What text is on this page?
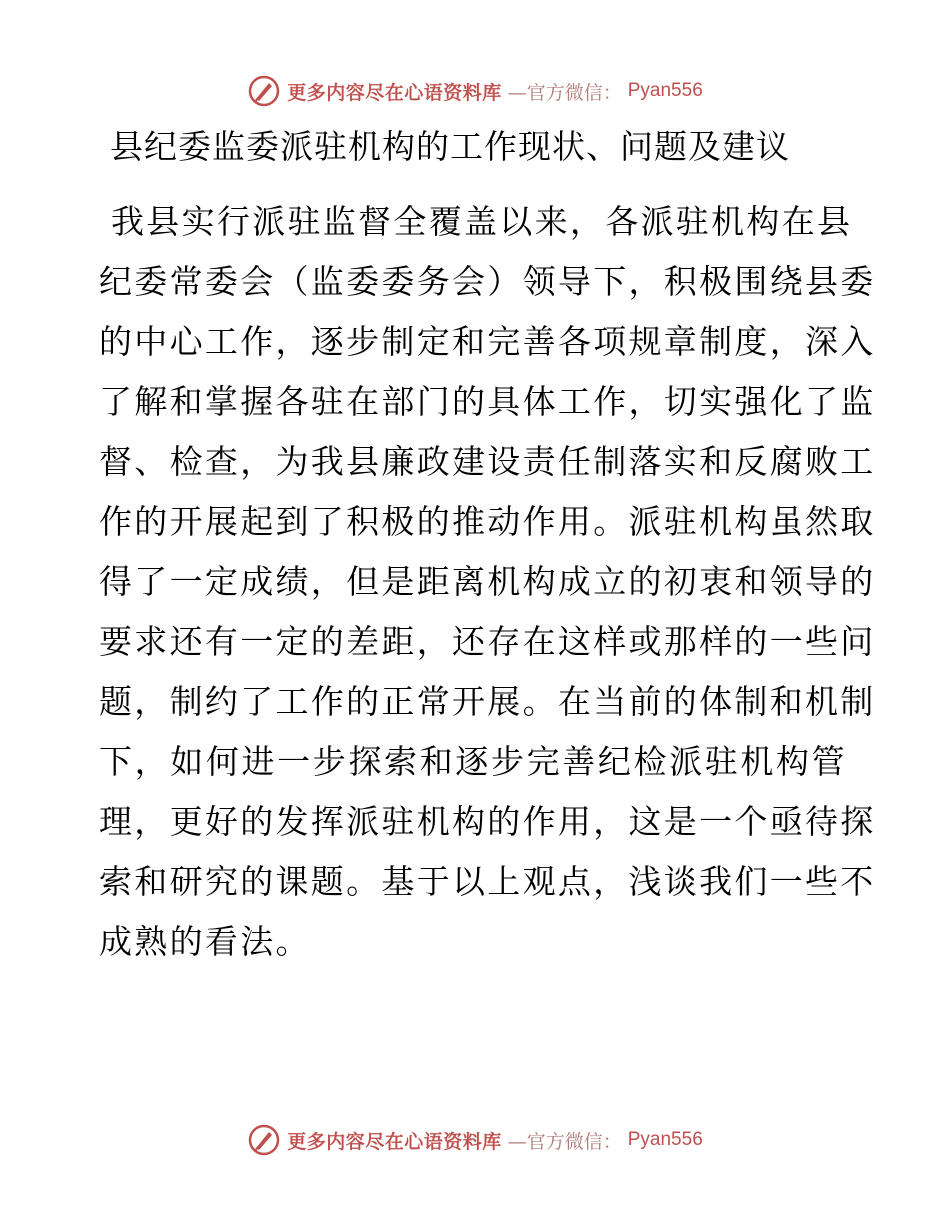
更多内容尽在心语资料库 —官方微信： Pyan556
县纪委监委派驻机构的工作现状、问题及建议
我县实行派驻监督全覆盖以来，各派驻机构在县
纪委常委会（监委委务会）领导下，积极围绕县委
的中心工作，逐步制定和完善各项规章制度，深入
了解和掌握各驻在部门的具体工作，切实强化了监
督、检查，为我县廉政建设责任制落实和反腐败工
作的开展起到了积极的推动作用。派驻机构虽然取
得了一定成绩，但是距离机构成立的初衷和领导的
要求还有一定的差距，还存在这样或那样的一些问
题，制约了工作的正常开展。在当前的体制和机制
下，如何进一步探索和逐步完善纪检派驻机构管
理，更好的发挥派驻机构的作用，这是一个亟待探
索和研究的课题。基于以上观点，浅谈我们一些不
成熟的看法。
更多内容尽在心语资料库 —官方微信： Pyan556
